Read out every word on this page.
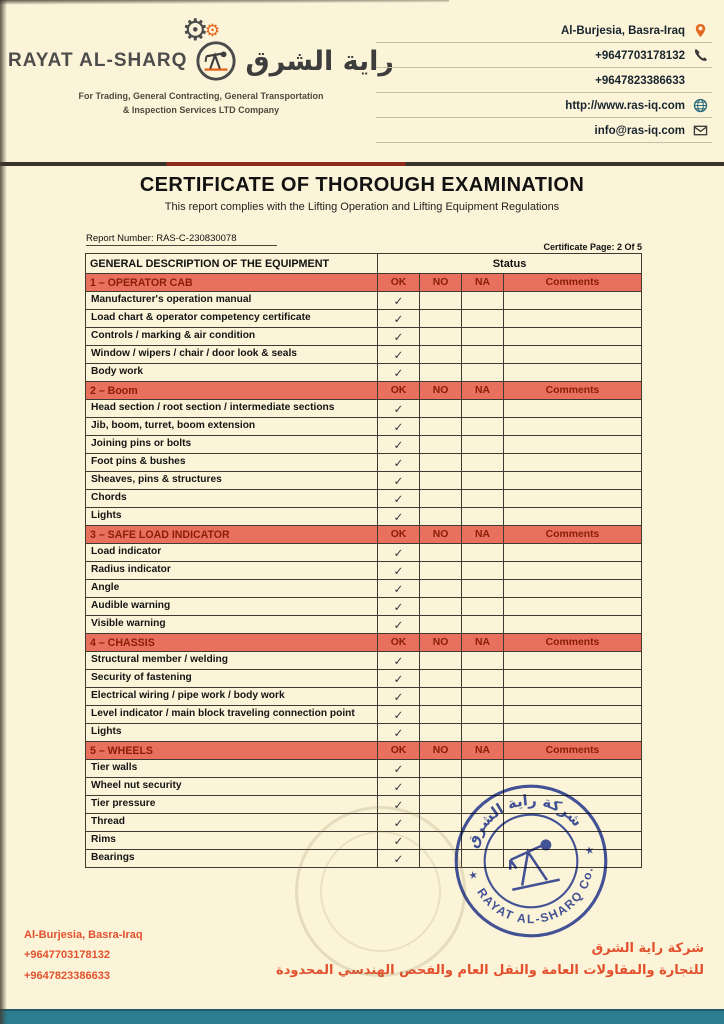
⚙⚙
RAYAT AL-SHARQ راية الشرق
For Trading, General Contracting, General Transportation
& Inspection Services LTD Company
Al-Burjesia, Basra-Iraq
+9647703178132
+9647823386633
http://www.ras-iq.com
info@ras-iq.com
CERTIFICATE OF THOROUGH EXAMINATION
This report complies with the Lifting Operation and Lifting Equipment Regulations
Report Number: RAS-C-230830078
Certificate Page: 2 Of 5
GENERAL DESCRIPTION OF THE EQUIPMENT	Status			
1 – OPERATOR CAB	OK	NO	NA	Comments
Manufacturer's operation manual	✓			
Load chart & operator competency certificate	✓			
Controls / marking & air condition	✓			
Window / wipers / chair / door look & seals	✓			
Body work	✓			
2 – Boom	OK	NO	NA	Comments
Head section / root section / intermediate sections	✓			
Jib, boom, turret, boom extension	✓			
Joining pins or bolts	✓			
Foot pins & bushes	✓			
Sheaves, pins & structures	✓			
Chords	✓			
Lights	✓			
3 – SAFE LOAD INDICATOR	OK	NO	NA	Comments
Load indicator	✓			
Radius indicator	✓			
Angle	✓			
Audible warning	✓			
Visible warning	✓			
4 – CHASSIS	OK	NO	NA	Comments
Structural member / welding	✓			
Security of fastening	✓			
Electrical wiring / pipe work / body work	✓			
Level indicator / main block traveling connection point	✓			
Lights	✓			
5 – WHEELS	OK	NO	NA	Comments
Tier walls	✓			
Wheel nut security	✓			
Tier pressure	✓			
Thread	✓			
Rims	✓			
Bearings	✓			
شركة راية الشرق
RAYAT AL-SHARQ Co.
★
★
Al-Burjesia, Basra-Iraq
+9647703178132
+9647823386633
شركة راية الشرق
للتجارة والمقاولات العامة والنقل العام والفحص الهندسي المحدودة
